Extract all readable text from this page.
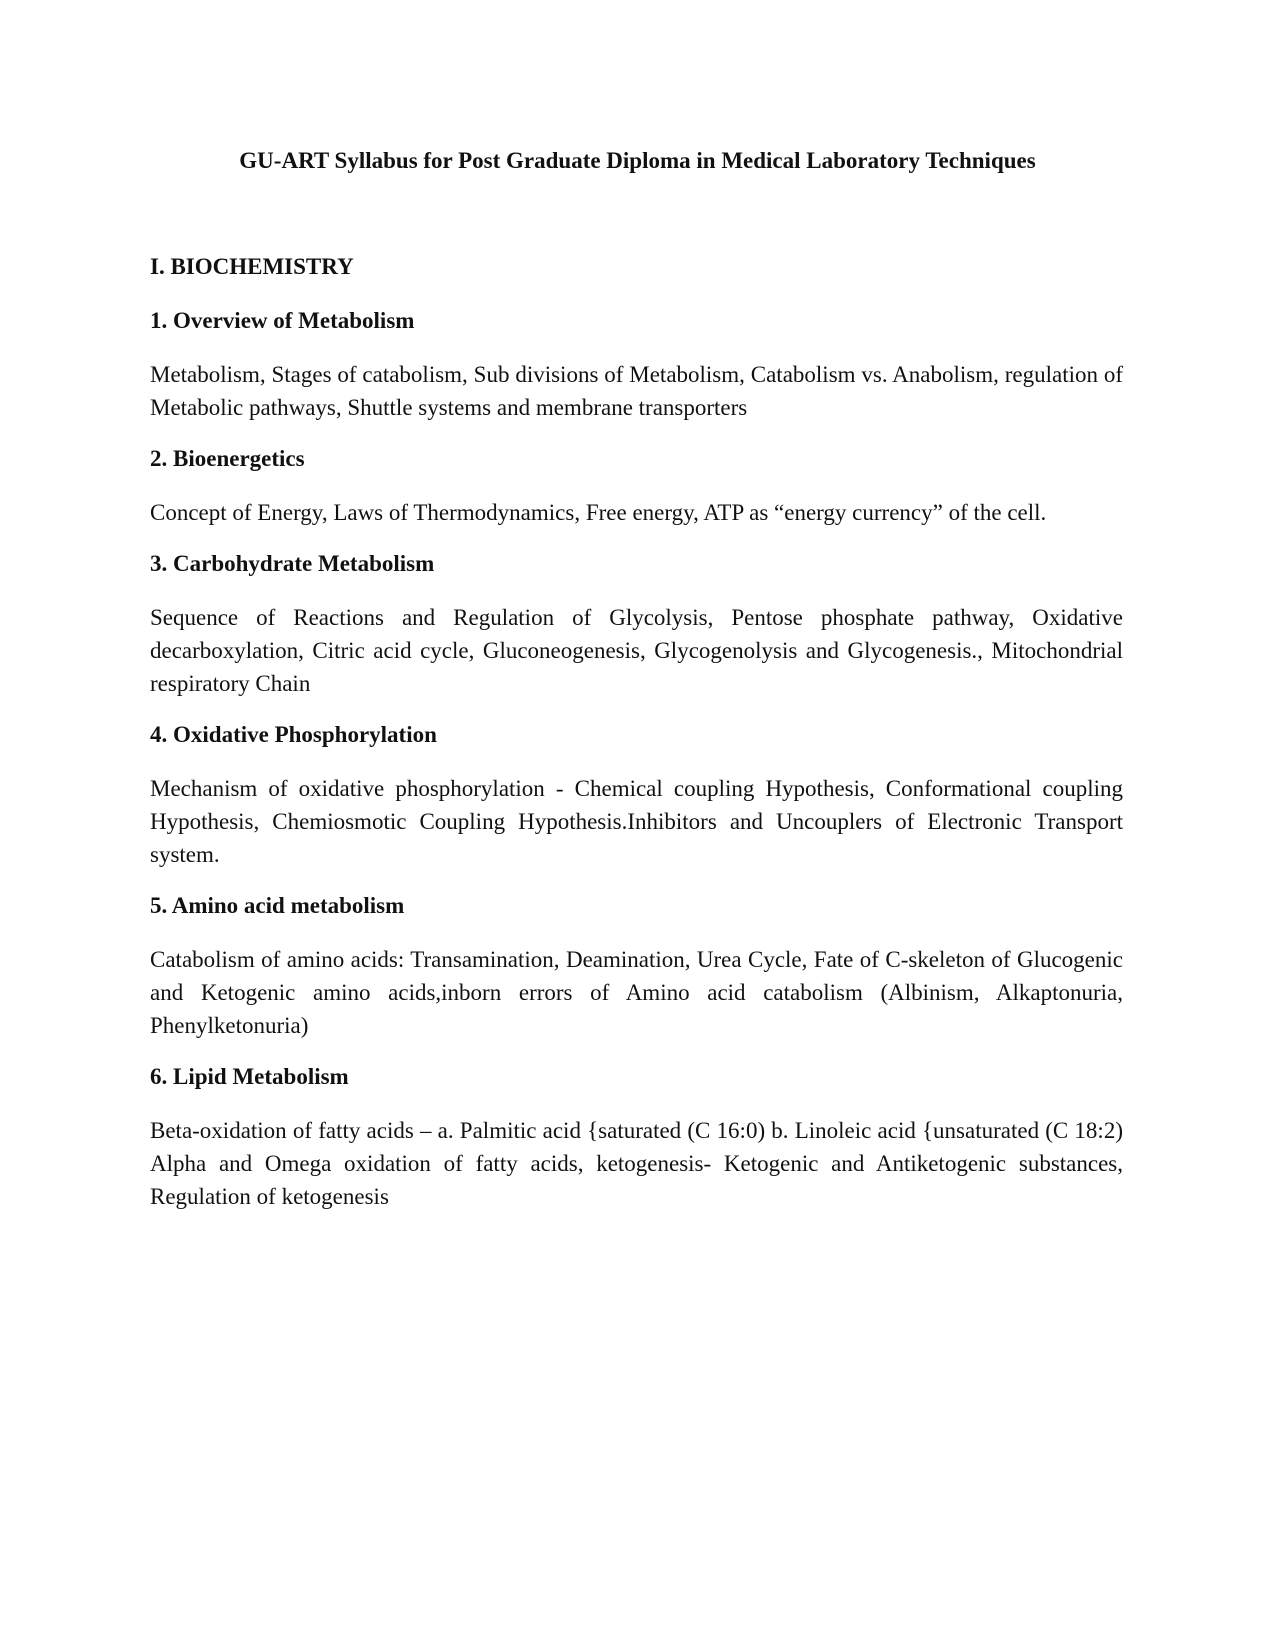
GU-ART Syllabus for Post Graduate Diploma in Medical Laboratory Techniques
I. BIOCHEMISTRY
1. Overview of Metabolism

Metabolism, Stages of catabolism, Sub divisions of Metabolism, Catabolism vs. Anabolism, regulation of Metabolic pathways, Shuttle systems and membrane transporters

2. Bioenergetics

Concept of Energy, Laws of Thermodynamics, Free energy, ATP as “energy currency” of the cell.

3. Carbohydrate Metabolism

Sequence of Reactions and Regulation of Glycolysis, Pentose phosphate pathway, Oxidative decarboxylation, Citric acid cycle, Gluconeogenesis, Glycogenolysis and Glycogenesis., Mitochondrial respiratory Chain

4. Oxidative Phosphorylation

Mechanism of oxidative phosphorylation - Chemical coupling Hypothesis, Conformational coupling Hypothesis, Chemiosmotic Coupling Hypothesis.Inhibitors and Uncouplers of Electronic Transport system.

5. Amino acid metabolism

Catabolism of amino acids: Transamination, Deamination, Urea Cycle, Fate of C-skeleton of Glucogenic and Ketogenic amino acids,inborn errors of Amino acid catabolism (Albinism, Alkaptonuria, Phenylketonuria)

6. Lipid Metabolism

Beta-oxidation of fatty acids – a. Palmitic acid {saturated (C 16:0) b. Linoleic acid {unsaturated (C 18:2) Alpha and Omega oxidation of fatty acids, ketogenesis- Ketogenic and Antiketogenic substances, Regulation of ketogenesis
